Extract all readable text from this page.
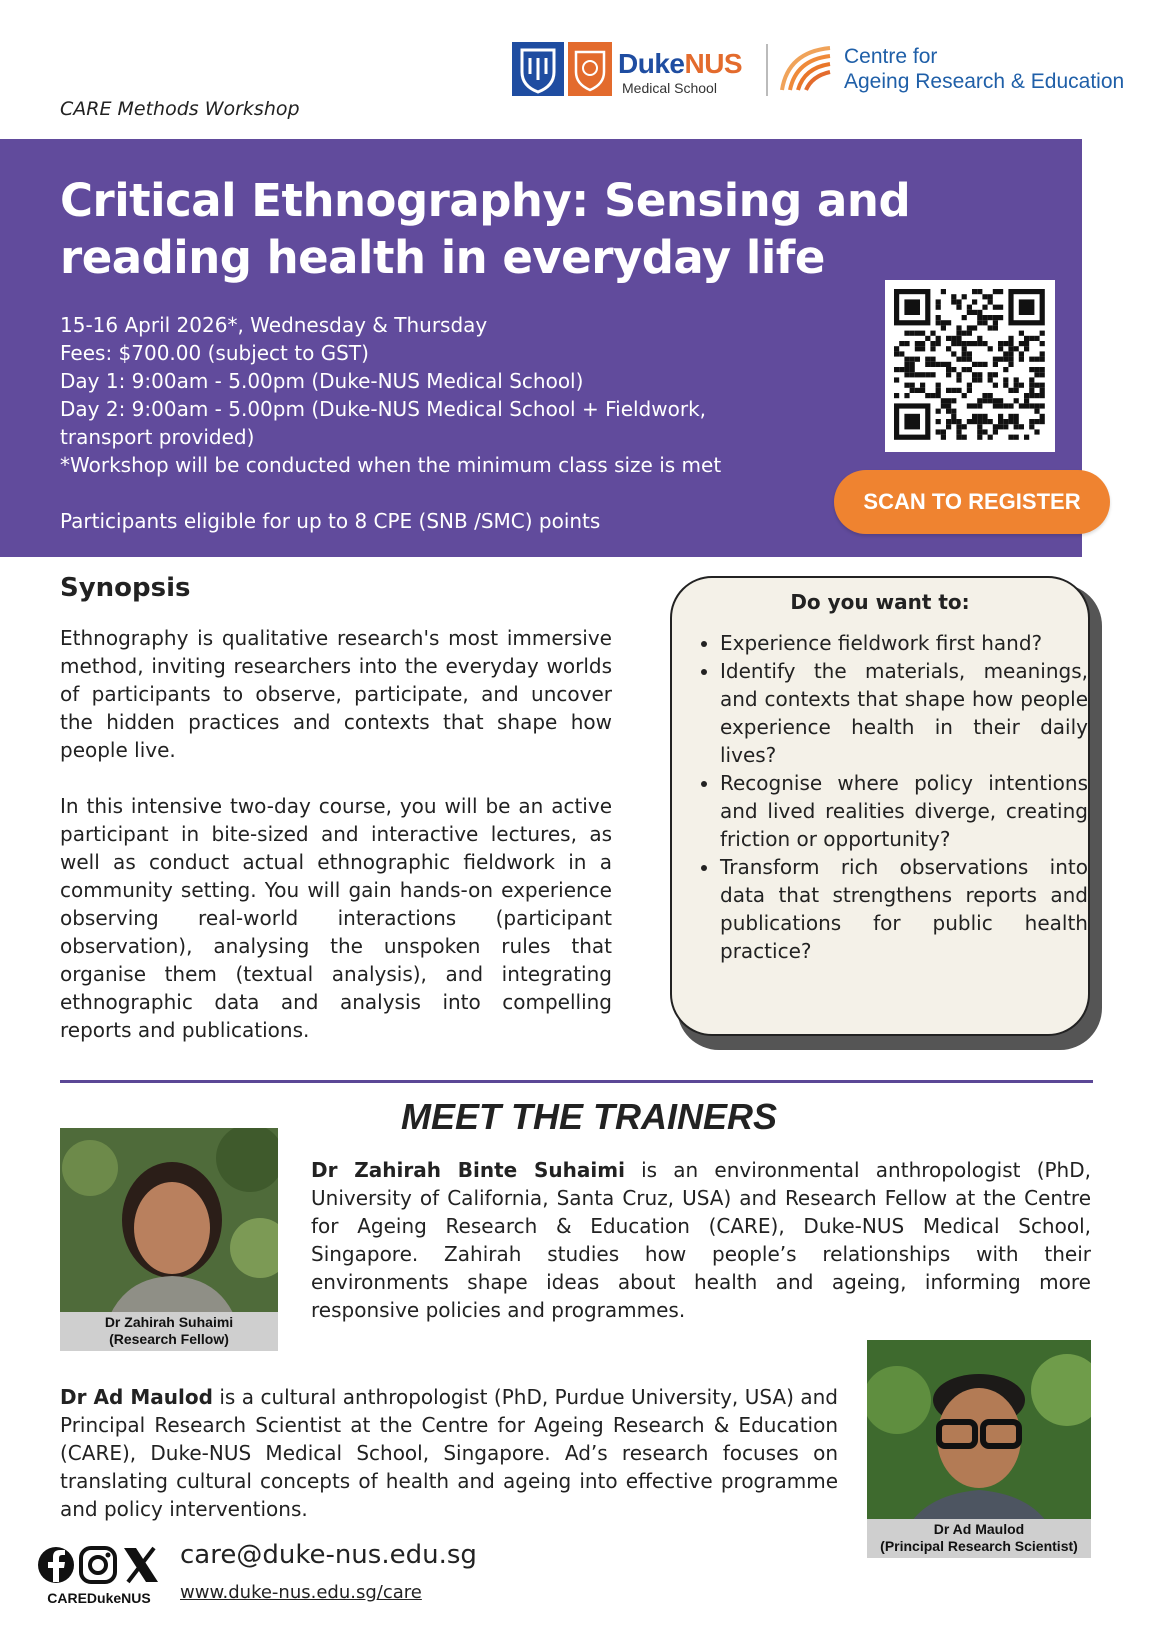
CARE Methods Workshop
DukeNUS
Medical School
Centre for
Ageing Research & Education
Critical Ethnography: Sensing and reading health in everyday life
15-16 April 2026*, Wednesday & Thursday
Fees: $700.00 (subject to GST)
Day 1: 9:00am - 5.00pm (Duke-NUS Medical School)
Day 2: 9:00am - 5.00pm (Duke-NUS Medical School + Fieldwork,
transport provided)
*Workshop will be conducted when the minimum class size is met
Participants eligible for up to 8 CPE (SNB /SMC) points
SCAN TO REGISTER
Synopsis

Ethnography is qualitative research's most immersive method, inviting researchers into the everyday worlds of participants to observe, participate, and uncover the hidden practices and contexts that shape how people live.

In this intensive two-day course, you will be an active participant in bite-sized and interactive lectures, as well as conduct actual ethnographic fieldwork in a community setting. You will gain hands-on experience observing real-world interactions (participant observation), analysing the unspoken rules that organise them (textual analysis), and integrating ethnographic data and analysis into compelling reports and publications.

Do you want to:
• Experience fieldwork first hand?
• Identify the materials, meanings, and contexts that shape how people experience health in their daily lives?
• Recognise where policy intentions and lived realities diverge, creating friction or opportunity?
• Transform rich observations into data that strengthens reports and publications for public health practice?
MEET THE TRAINERS
Dr Zahirah Suhaimi
(Research Fellow)
Dr Zahirah Binte Suhaimi is an environmental anthropologist (PhD, University of California, Santa Cruz, USA) and Research Fellow at the Centre for Ageing Research & Education (CARE), Duke-NUS Medical School, Singapore. Zahirah studies how people’s relationships with their environments shape ideas about health and ageing, informing more responsive policies and programmes.
Dr Ad Maulod is a cultural anthropologist (PhD, Purdue University, USA) and Principal Research Scientist at the Centre for Ageing Research & Education (CARE), Duke-NUS Medical School, Singapore. Ad’s research focuses on translating cultural concepts of health and ageing into effective programme and policy interventions.
Dr Ad Maulod
(Principal Research Scientist)
CAREDukeNUS
care@duke-nus.edu.sg
www.duke-nus.edu.sg/care
